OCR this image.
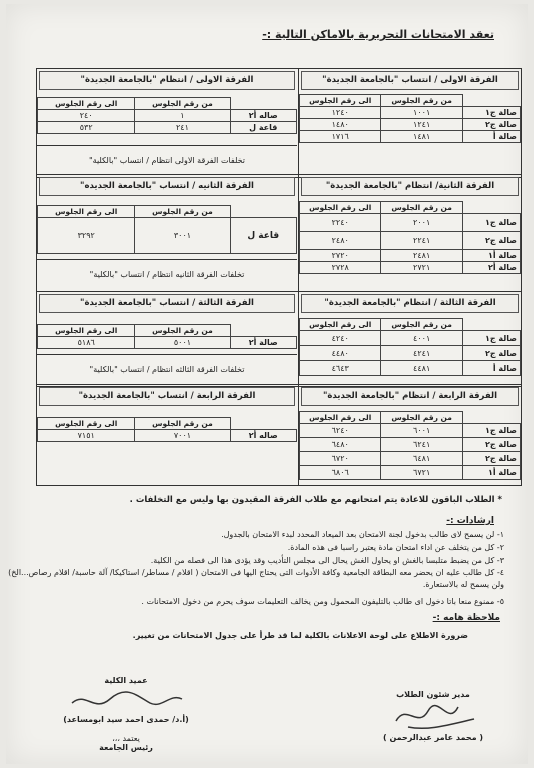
تعقد الامتحانات التحريرية بالاماكن التالية :-
الفرقة الاولى / انتساب "بالجامعة الجديدة"
	من رقم الجلوس	الى رقم الجلوس
صالة ج١	١٠٠١	١٢٤٠
صالة ج٢	١٢٤١	١٤٨٠
صالة أ	١٤٨١	١٧١٦
الفرقة الاولى / انتظام "بالجامعة الجديدة"
	من رقم الجلوس	الى رقم الجلوس
صاله أ٢	١	٢٤٠
قاعة ل	٢٤١	٥٣٢
تخلفات الفرقة الاولى انتظام / انتساب "بالكلية"
الفرقة الثانية/ انتظام "بالجامعة الجديدة"
	من رقم الجلوس	الى رقم الجلوس
صالة ج١	٢٠٠١	٢٢٤٠
صالة ج٢	٢٢٤١	٢٤٨٠
صالة أ١	٢٤٨١	٢٧٢٠
صالة أ٢	٢٧٢١	٢٧٢٨
الفرقة الثانيه / انتساب "بالجامعة الجديده"
	من رقم الجلوس	الى رقم الجلوس
قاعة ل	٣٠٠١	٣٢٩٢
تخلفات الفرقة الثانيه انتظام / انتساب "بالكلية"
الفرقة الثالثة / انتظام "بالجامعة الجديدة"
	من رقم الجلوس	الى رقم الجلوس
صالة ج١	٤٠٠١	٤٢٤٠
صالة ج٢	٤٢٤١	٤٤٨٠
صالة أ	٤٤٨١	٤٦٤٣
الفرقة الثالثة / انتساب "بالجامعة الجديدة"
	من رقم الجلوس	الى رقم الجلوس
صالة أ٢	٥٠٠١	٥١٨٦
تخلفات الفرقة الثالثه انتظام / انتساب "بالكلية"
الفرقة الرابعة / انتظام "بالجامعة الجديدة"
	من رقم الجلوس	الى رقم الجلوس
صالة ج١	٦٠٠١	٦٢٤٠
صالة ج٢	٦٢٤١	٦٤٨٠
صالة ج٢	٦٤٨١	٦٧٢٠
صالة أ١	٦٧٢١	٦٨٠٦
الفرقة الرابعة / انتساب "بالجامعة الجديدة"
	من رقم الجلوس	الى رقم الجلوس
صاله أ٢	٧٠٠١	٧١٥١

* الطلاب الباقون للاعادة يتم امتحانهم مع طلاب الفرقة المقيدون بها وليس مع التخلفات .

ارشادات :-

١- لن يسمح لاى طالب بدخول لجنة الامتحان بعد الميعاد المحدد لبدء الامتحان بالجدول.

٢- كل من يتخلف عن اداء امتحان مادة يعتبر راسبا فى هذه المادة.

٣- كل من يضبط متلبسا بالغش او يحاول الغش يحال الى مجلس التأديب وقد يؤدى هذا الى فصله من الكلية.

٤- كل طالب عليه ان يحضر معه البطاقة الجامعية وكافة الأدوات التى يحتاج اليها فى الامتحان ( اقلام / مساطر/ استاكيكا/ آلة حاسبة/ اقلام رصاص...الخ) ولن يسمح له بالاستعارة.

٥- ممنوع منعا باتا دخول اى طالب بالتليفون المحمول ومن يخالف التعليمات سوف يحرم من دخول الامتحانات .

ملاحظة هامه :-

ضرورة الاطلاع على لوحة الاعلانات بالكلية لما قد طرأ على جدول الامتحانات من تغيير.

مدير شئون الطلاب
( محمد عامر عبدالرحمن )
عميد الكلية
(أ.د/ حمدى احمد سيد ابومساعد)
يعتمد ،،،
رئيس الجامعة
